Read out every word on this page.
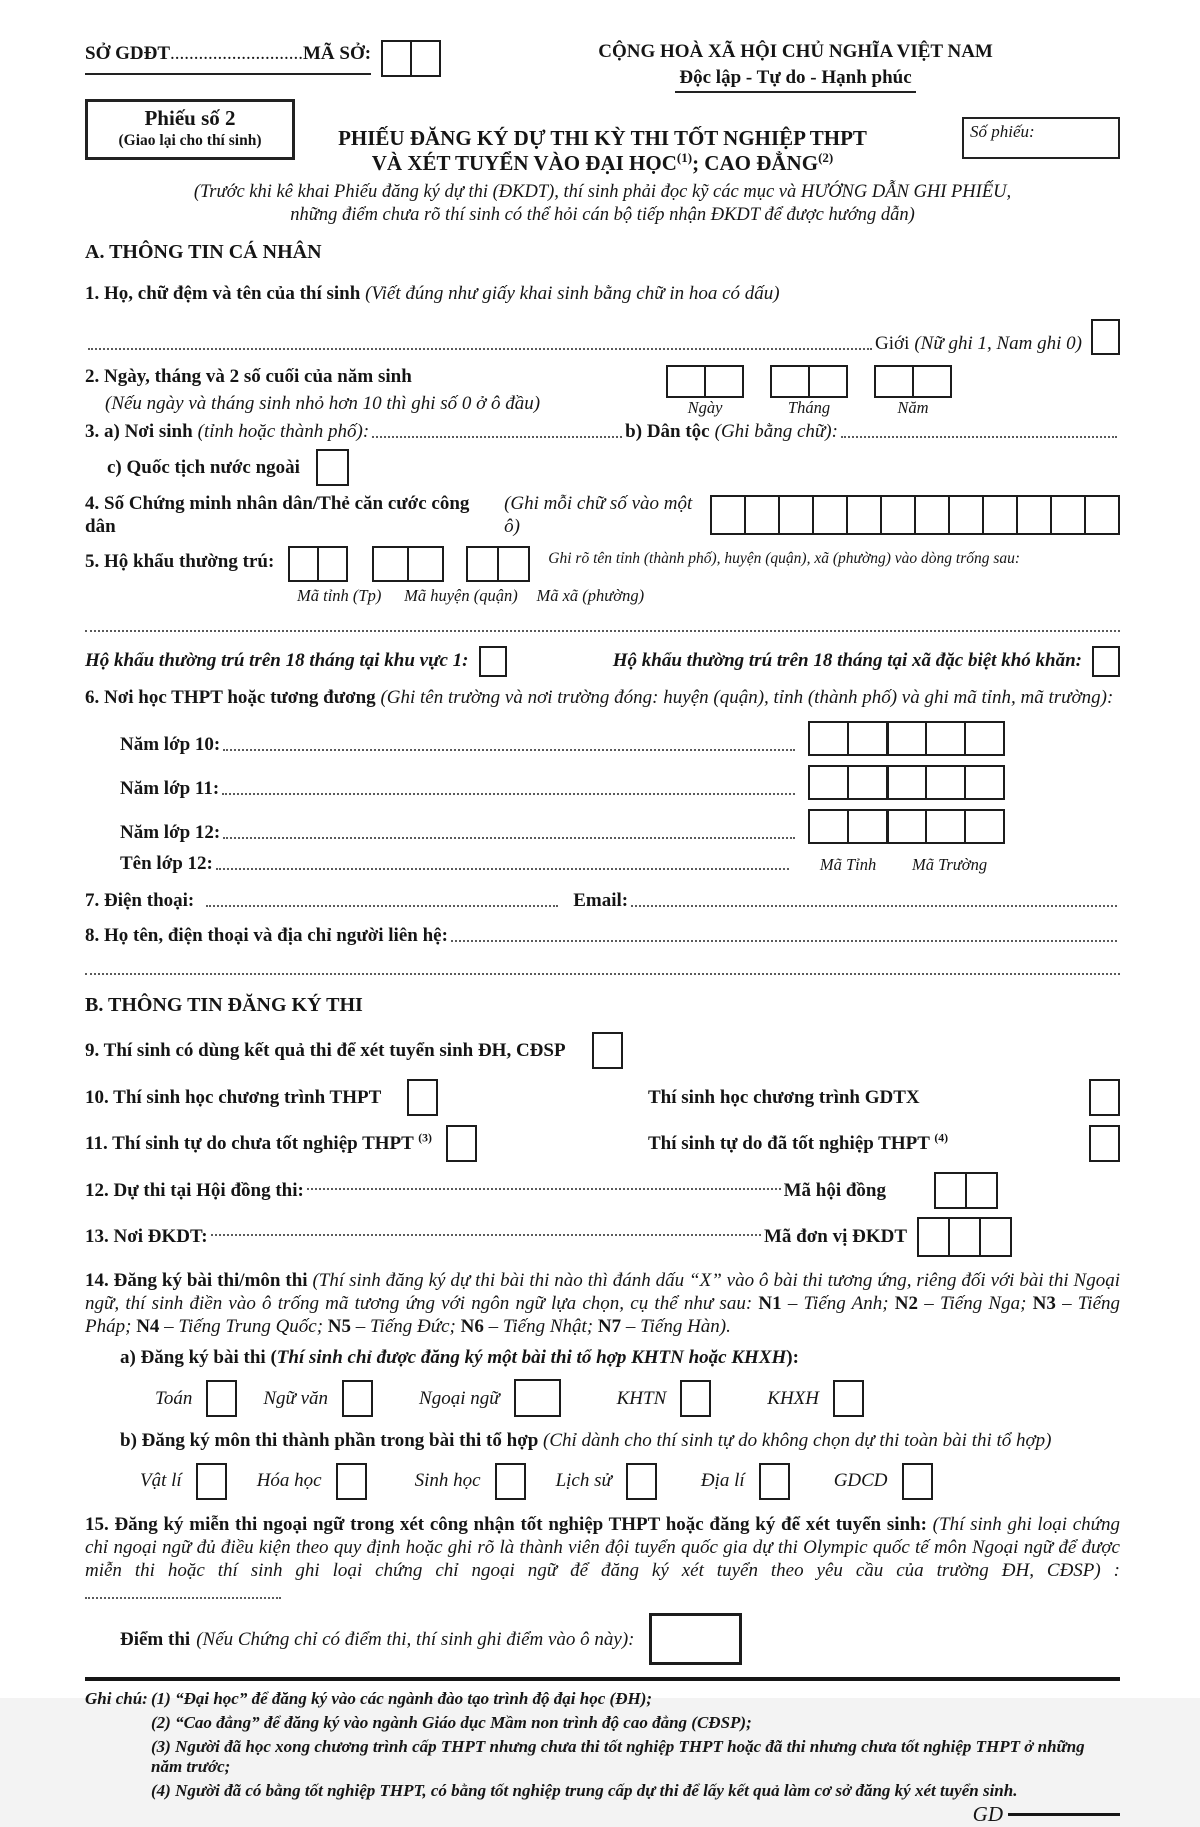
SỞ GDĐT............................MÃ SỞ:	CỘNG HOÀ XÃ HỘI CHỦ NGHĨA VIỆT NAM
Độc lập - Tự do - Hạnh phúc
Phiếu số 2
(Giao lại cho thí sinh)	Số phiếu:
PHIẾU ĐĂNG KÝ DỰ THI KỲ THI TỐT NGHIỆP THPT
VÀ XÉT TUYỂN VÀO ĐẠI HỌC$^{(1)}$; CAO ĐẲNG$^{(2)}$
(Trước khi kê khai Phiếu đăng ký dự thi (ĐKDT), thí sinh phải đọc kỹ các mục và HƯỚNG DẪN GHI PHIẾU,
những điểm chưa rõ thí sinh có thể hỏi cán bộ tiếp nhận ĐKDT để được hướng dẫn)
A. THÔNG TIN CÁ NHÂN
1. Họ, chữ đệm và tên của thí sinh (Viết đúng như giấy khai sinh bằng chữ in hoa có dấu)
Giới (Nữ ghi 1, Nam ghi 0)
2. Ngày, tháng và 2 số cuối của năm sinh
(Nếu ngày và tháng sinh nhỏ hơn 10 thì ghi số 0 ở ô đầu)	Ngày	Tháng	Năm
3. a) Nơi sinh (tỉnh hoặc thành phố):	b) Dân tộc (Ghi bằng chữ):
c) Quốc tịch nước ngoài
4. Số Chứng minh nhân dân/Thẻ căn cước công dân
(Ghi mỗi chữ số vào một ô)
5. Hộ khẩu thường trú:	Ghi rõ tên tỉnh (thành phố), huyện (quận), xã (phường) vào dòng trống sau:
Mã tỉnh (Tp) Mã huyện (quận) Mã xã (phường)
Hộ khẩu thường trú trên 18 tháng tại khu vực 1:	Hộ khẩu thường trú trên 18 tháng tại xã đặc biệt khó khăn:
6. Nơi học THPT hoặc tương đương (Ghi tên trường và nơi trường đóng: huyện (quận), tỉnh (thành phố) và ghi mã tỉnh, mã trường):
Năm lớp 10:
Năm lớp 11:
Năm lớp 12:
Tên lớp 12:	Mã Tỉnh Mã Trường
7. Điện thoại:	Email:
8. Họ tên, điện thoại và địa chỉ người liên hệ:
B. THÔNG TIN ĐĂNG KÝ THI
9. Thí sinh có dùng kết quả thi để xét tuyển sinh ĐH, CĐSP
10. Thí sinh học chương trình THPT	Thí sinh học chương trình GDTX
11. Thí sinh tự do chưa tốt nghiệp THPT $^{(3)}$	Thí sinh tự do đã tốt nghiệp THPT $^{(4)}$
12. Dự thi tại Hội đồng thi:	Mã hội đồng
13. Nơi ĐKDT:	Mã đơn vị ĐKDT
14. Đăng ký bài thi/môn thi (Thí sinh đăng ký dự thi bài thi nào thì đánh dấu “X” vào ô bài thi tương ứng, riêng đối với bài thi Ngoại ngữ, thí sinh điền vào ô trống mã tương ứng với ngôn ngữ lựa chọn, cụ thể như sau: N1 – Tiếng Anh; N2 – Tiếng Nga; N3 – Tiếng Pháp; N4 – Tiếng Trung Quốc; N5 – Tiếng Đức; N6 – Tiếng Nhật; N7 – Tiếng Hàn).
a) Đăng ký bài thi (Thí sinh chỉ được đăng ký một bài thi tổ hợp KHTN hoặc KHXH):
Toán	Ngữ văn	Ngoại ngữ	KHTN	KHXH
b) Đăng ký môn thi thành phần trong bài thi tổ hợp (Chỉ dành cho thí sinh tự do không chọn dự thi toàn bài thi tổ hợp)
Vật lí	Hóa học	Sinh học	Lịch sử	Địa lí	GDCD
15. Đăng ký miễn thi ngoại ngữ trong xét công nhận tốt nghiệp THPT hoặc đăng ký để xét tuyển sinh: (Thí sinh ghi loại chứng chỉ ngoại ngữ đủ điều kiện theo quy định hoặc ghi rõ là thành viên đội tuyển quốc gia dự thi Olympic quốc tế môn Ngoại ngữ để được miễn thi hoặc thí sinh ghi loại chứng chỉ ngoại ngữ để đăng ký xét tuyển theo yêu cầu của trường ĐH, CĐSP) :
Điểm thi (Nếu Chứng chỉ có điểm thi, thí sinh ghi điểm vào ô này):
Ghi chú: (1) “Đại học” để đăng ký vào các ngành đào tạo trình độ đại học (ĐH);
(2) “Cao đẳng” để đăng ký vào ngành Giáo dục Mầm non trình độ cao đẳng (CĐSP);
(3) Người đã học xong chương trình cấp THPT nhưng chưa thi tốt nghiệp THPT hoặc đã thi nhưng chưa tốt nghiệp THPT ở những năm trước;
(4) Người đã có bằng tốt nghiệp THPT, có bằng tốt nghiệp trung cấp dự thi để lấy kết quả làm cơ sở đăng ký xét tuyển sinh.
GD
